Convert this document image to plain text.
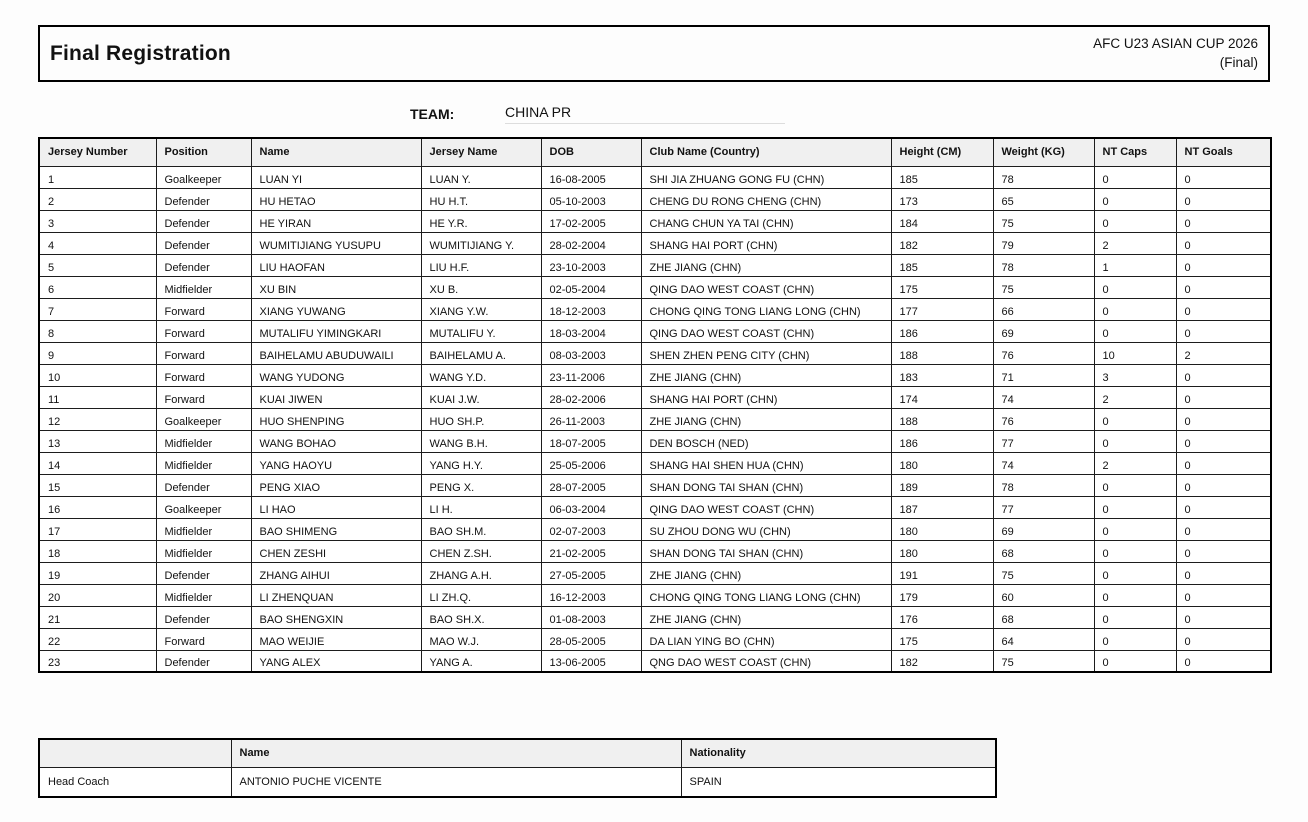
Final Registration	AFC U23 ASIAN CUP 2026
(Final)
TEAM:	CHINA PR
Jersey Number	Position	Name	Jersey Name	DOB	Club Name (Country)	Height (CM)	Weight (KG)	NT Caps	NT Goals
1	Goalkeeper	LUAN YI	LUAN Y.	16-08-2005	SHI JIA ZHUANG GONG FU (CHN)	185	78	0	0
2	Defender	HU HETAO	HU H.T.	05-10-2003	CHENG DU RONG CHENG (CHN)	173	65	0	0
3	Defender	HE YIRAN	HE Y.R.	17-02-2005	CHANG CHUN YA TAI (CHN)	184	75	0	0
4	Defender	WUMITIJIANG YUSUPU	WUMITIJIANG Y.	28-02-2004	SHANG HAI PORT (CHN)	182	79	2	0
5	Defender	LIU HAOFAN	LIU H.F.	23-10-2003	ZHE JIANG (CHN)	185	78	1	0
6	Midfielder	XU BIN	XU B.	02-05-2004	QING DAO WEST COAST (CHN)	175	75	0	0
7	Forward	XIANG YUWANG	XIANG Y.W.	18-12-2003	CHONG QING TONG LIANG LONG (CHN)	177	66	0	0
8	Forward	MUTALIFU YIMINGKARI	MUTALIFU Y.	18-03-2004	QING DAO WEST COAST (CHN)	186	69	0	0
9	Forward	BAIHELAMU ABUDUWAILI	BAIHELAMU A.	08-03-2003	SHEN ZHEN PENG CITY (CHN)	188	76	10	2
10	Forward	WANG YUDONG	WANG Y.D.	23-11-2006	ZHE JIANG (CHN)	183	71	3	0
11	Forward	KUAI JIWEN	KUAI J.W.	28-02-2006	SHANG HAI PORT (CHN)	174	74	2	0
12	Goalkeeper	HUO SHENPING	HUO SH.P.	26-11-2003	ZHE JIANG (CHN)	188	76	0	0
13	Midfielder	WANG BOHAO	WANG B.H.	18-07-2005	DEN BOSCH (NED)	186	77	0	0
14	Midfielder	YANG HAOYU	YANG H.Y.	25-05-2006	SHANG HAI SHEN HUA (CHN)	180	74	2	0
15	Defender	PENG XIAO	PENG X.	28-07-2005	SHAN DONG TAI SHAN (CHN)	189	78	0	0
16	Goalkeeper	LI HAO	LI H.	06-03-2004	QING DAO WEST COAST (CHN)	187	77	0	0
17	Midfielder	BAO SHIMENG	BAO SH.M.	02-07-2003	SU ZHOU DONG WU (CHN)	180	69	0	0
18	Midfielder	CHEN ZESHI	CHEN Z.SH.	21-02-2005	SHAN DONG TAI SHAN (CHN)	180	68	0	0
19	Defender	ZHANG AIHUI	ZHANG A.H.	27-05-2005	ZHE JIANG (CHN)	191	75	0	0
20	Midfielder	LI ZHENQUAN	LI ZH.Q.	16-12-2003	CHONG QING TONG LIANG LONG (CHN)	179	60	0	0
21	Defender	BAO SHENGXIN	BAO SH.X.	01-08-2003	ZHE JIANG (CHN)	176	68	0	0
22	Forward	MAO WEIJIE	MAO W.J.	28-05-2005	DA LIAN YING BO (CHN)	175	64	0	0
23	Defender	YANG ALEX	YANG A.	13-06-2005	QNG DAO WEST COAST (CHN)	182	75	0	0
	Name	Nationality
Head Coach	ANTONIO PUCHE VICENTE	SPAIN
